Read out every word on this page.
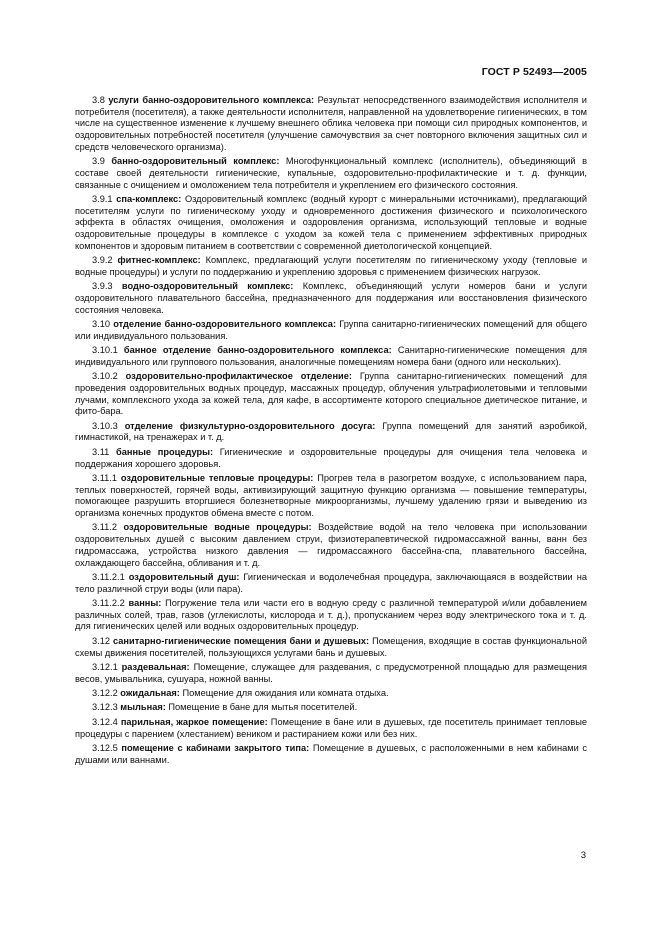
ГОСТ Р 52493—2005

3.8 услуги банно-оздоровительного комплекса: Результат непосредственного взаимодействия исполнителя и потребителя (посетителя), а также деятельности исполнителя, направленной на удовлетворение гигиенических, в том числе на существенное изменение к лучшему внешнего облика человека при помощи сил природных компонентов, и оздоровительных потребностей посетителя (улучшение самочувствия за счет повторного включения защитных сил и средств человеческого организма).

3.9 банно-оздоровительный комплекс: Многофункциональный комплекс (исполнитель), объединяющий в составе своей деятельности гигиенические, купальные, оздоровительно-профилактические и т. д. функции, связанные с очищением и омоложением тела потребителя и укреплением его физического состояния.

3.9.1 спа-комплекс: Оздоровительный комплекс (водный курорт с минеральными источниками), предлагающий посетителям услуги по гигиеническому уходу и одновременного достижения физического и психологического эффекта в областях очищения, омоложения и оздоровления организма, использующий тепловые и водные оздоровительные процедуры в комплексе с уходом за кожей тела с применением эффективных природных компонентов и здоровым питанием в соответствии с современной диетологической концепцией.

3.9.2 фитнес-комплекс: Комплекс, предлагающий услуги посетителям по гигиеническому уходу (тепловые и водные процедуры) и услуги по поддержанию и укреплению здоровья с применением физических нагрузок.

3.9.3 водно-оздоровительный комплекс: Комплекс, объединяющий услуги номеров бани и услуги оздоровительного плавательного бассейна, предназначенного для поддержания или восстановления физического состояния человека.

3.10 отделение банно-оздоровительного комплекса: Группа санитарно-гигиенических помещений для общего или индивидуального пользования.

3.10.1 банное отделение банно-оздоровительного комплекса: Санитарно-гигиенические помещения для индивидуального или группового пользования, аналогичные помещениям номера бани (одного или нескольких).

3.10.2 оздоровительно-профилактическое отделение: Группа санитарно-гигиенических помещений для проведения оздоровительных водных процедур, массажных процедур, облучения ультрафиолетовыми и тепловыми лучами, комплексного ухода за кожей тела, для кафе, в ассортименте которого специальное диетическое питание, и фито-бара.

3.10.3 отделение физкультурно-оздоровительного досуга: Группа помещений для занятий аэробикой, гимнастикой, на тренажерах и т. д.

3.11 банные процедуры: Гигиенические и оздоровительные процедуры для очищения тела человека и поддержания хорошего здоровья.

3.11.1 оздоровительные тепловые процедуры: Прогрев тела в разогретом воздухе, с использованием пара, теплых поверхностей, горячей воды, активизирующий защитную функцию организма — повышение температуры, помогающее разрушить вторгшиеся болезнетворные микроорганизмы, лучшему удалению грязи и выведению из организма конечных продуктов обмена вместе с потом.

3.11.2 оздоровительные водные процедуры: Воздействие водой на тело человека при использовании оздоровительных душей с высоким давлением струи, физиотерапевтической гидромассажной ванны, ванн без гидромассажа, устройства низкого давления — гидромассажного бассейна-спа, плавательного бассейна, охлаждающего бассейна, обливания и т. д.

3.11.2.1 оздоровительный душ: Гигиеническая и водолечебная процедура, заключающаяся в воздействии на тело различной струи воды (или пара).

3.11.2.2 ванны: Погружение тела или части его в водную среду с различной температурой и/или добавлением различных солей, трав, газов (углекислоты, кислорода и т. д.), пропусканием через воду электрического тока и т. д. для гигиенических целей или водных оздоровительных процедур.

3.12 санитарно-гигиенические помещения бани и душевых: Помещения, входящие в состав функциональной схемы движения посетителей, пользующихся услугами бань и душевых.

3.12.1 раздевальная: Помещение, служащее для раздевания, с предусмотренной площадью для размещения весов, умывальника, сушуара, ножной ванны.

3.12.2 ожидальная: Помещение для ожидания или комната отдыха.

3.12.3 мыльная: Помещение в бане для мытья посетителей.

3.12.4 парильная, жаркое помещение: Помещение в бане или в душевых, где посетитель принимает тепловые процедуры с парением (хлестанием) веником и растиранием кожи или без них.

3.12.5 помещение с кабинами закрытого типа: Помещение в душевых, с расположенными в нем кабинами с душами или ваннами.

3
